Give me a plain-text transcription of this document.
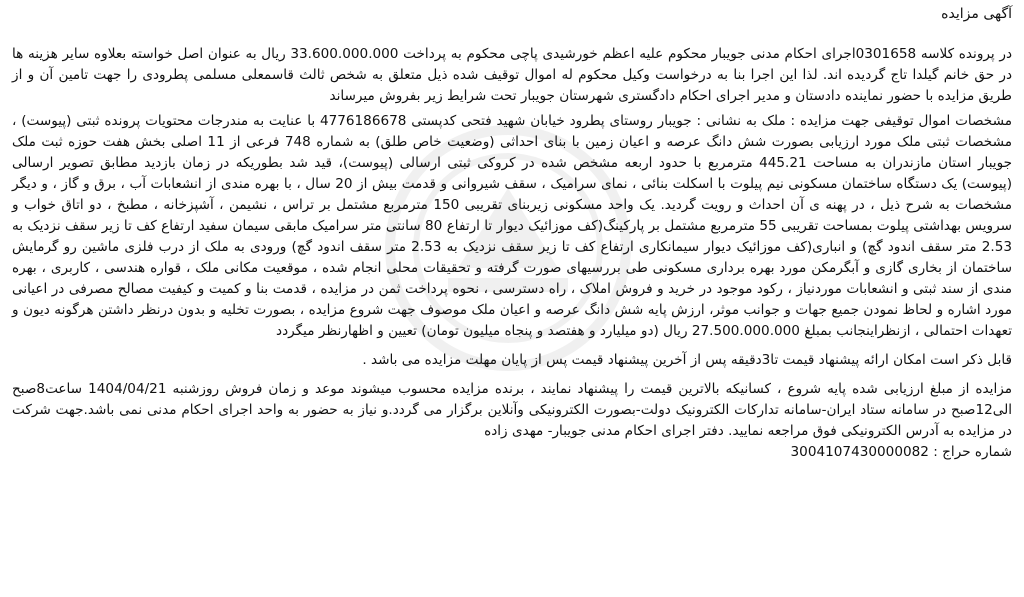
آگهی مزایده

در پرونده کلاسه 0301658اجرای احکام مدنی جویبار محکوم علیه اعظم خورشیدی پاچی محکوم به پرداخت 33.600.000.000 ریال به عنوان اصل خواسته بعلاوه سایر هزینه ها در حق خانم گیلدا تاج گردیده اند. لذا این اجرا بنا به درخواست وکیل محکوم له اموال توقیف شده ذیل متعلق به شخص ثالث قاسمعلی مسلمی پطرودی را جهت تامین آن و از طریق مزایده با حضور نماینده دادستان و مدیر اجرای احکام دادگستری شهرستان جویبار تحت شرایط زیر بفروش میرساند

مشخصات اموال توقیفی جهت مزایده : ملک به نشانی : جویبار روستای پطرود خیابان شهید فتحی کدپستی 4776186678 با عنایت به مندرجات محتویات پرونده ثبتی (پیوست) ، مشخصات ثبتی ملک مورد ارزیابی بصورت شش دانگ عرصه و اعیان زمین با بنای احداثی (وضعیت خاص طلق) به شماره 748 فرعی از 11 اصلی بخش هفت حوزه ثبت ملک جویبار استان مازندران به مساحت 445.21 مترمربع با حدود اربعه مشخص شده در کروکی ثبتی ارسالی (پیوست)، قید شد بطوریکه در زمان بازدید مطابق تصویر ارسالی (پیوست) یک دستگاه ساختمان مسکونی نیم پیلوت با اسکلت بنائی ، نمای سرامیک ، سقف شیروانی و قدمت بیش از 20 سال ، با بهره مندی از انشعابات آب ، برق و گاز ، و دیگر مشخصات به شرح ذیل ، در پهنه ی آن احداث و رویت گردید. یک واحد مسکونی زیربنای تقریبی 150 مترمربع مشتمل بر تراس ، نشیمن ، آشپزخانه ، مطبخ ، دو اتاق خواب و سرویس بهداشتی پیلوت بمساحت تقریبی 55 مترمربع مشتمل بر پارکینگ(کف موزائیک دیوار تا ارتفاع 80 سانتی متر سرامیک مابقی سیمان سفید ارتفاع کف تا زیر سقف نزدیک به 2.53 متر سقف اندود گچ) و انباری(کف موزائیک دیوار سیمانکاری ارتفاع کف تا زیر سقف نزدیک به 2.53 متر سقف اندود گچ) ورودی به ملک از درب فلزی ماشین رو گرمایش ساختمان از بخاری گازی و آبگرمکن مورد بهره برداری مسکونی طی بررسیهای صورت گرفته و تحقیقات محلی انجام شده ، موقعیت مکانی ملک ، قواره هندسی ، کاربری ، بهره مندی از سند ثبتی و انشعابات موردنیاز ، رکود موجود در خرید و فروش املاک ، راه دسترسی ، نحوه پرداخت ثمن در مزایده ، قدمت بنا و کمیت و کیفیت مصالح مصرفی در اعیانی مورد اشاره و لحاظ نمودن جمیع جهات و جوانب موثر، ارزش پایه شش دانگ عرصه و اعیان ملک موصوف جهت شروع مزایده ، بصورت تخلیه و بدون درنظر داشتن هرگونه دیون و تعهدات احتمالی ، ازنظراینجانب بمبلغ 27.500.000.000 ریال (دو میلیارد و هفتصد و پنجاه میلیون تومان) تعیین و اظهارنظر میگردد

قابل ذکر است امکان ارائه پیشنهاد قیمت تا3دقیقه پس از آخرین پیشنهاد قیمت پس از پایان مهلت مزایده می باشد .

مزایده از مبلغ ارزیابی شده پایه شروع ، کسانیکه بالاترین قیمت را پیشنهاد نمایند ، برنده مزایده محسوب میشوند موعد و زمان فروش روزشنبه 1404/04/21 ساعت8صبح الی12صبح در سامانه ستاد ایران-سامانه تدارکات الکترونیک دولت-بصورت الکترونیکی وآنلاین برگزار می گردد.و نیاز به حضور به واحد اجرای احکام مدنی نمی باشد.جهت شرکت در مزایده به آدرس الکترونیکی فوق مراجعه نمایید. دفتر اجرای احکام مدنی جویبار- مهدی زاده

شماره حراج : 3004107430000082
